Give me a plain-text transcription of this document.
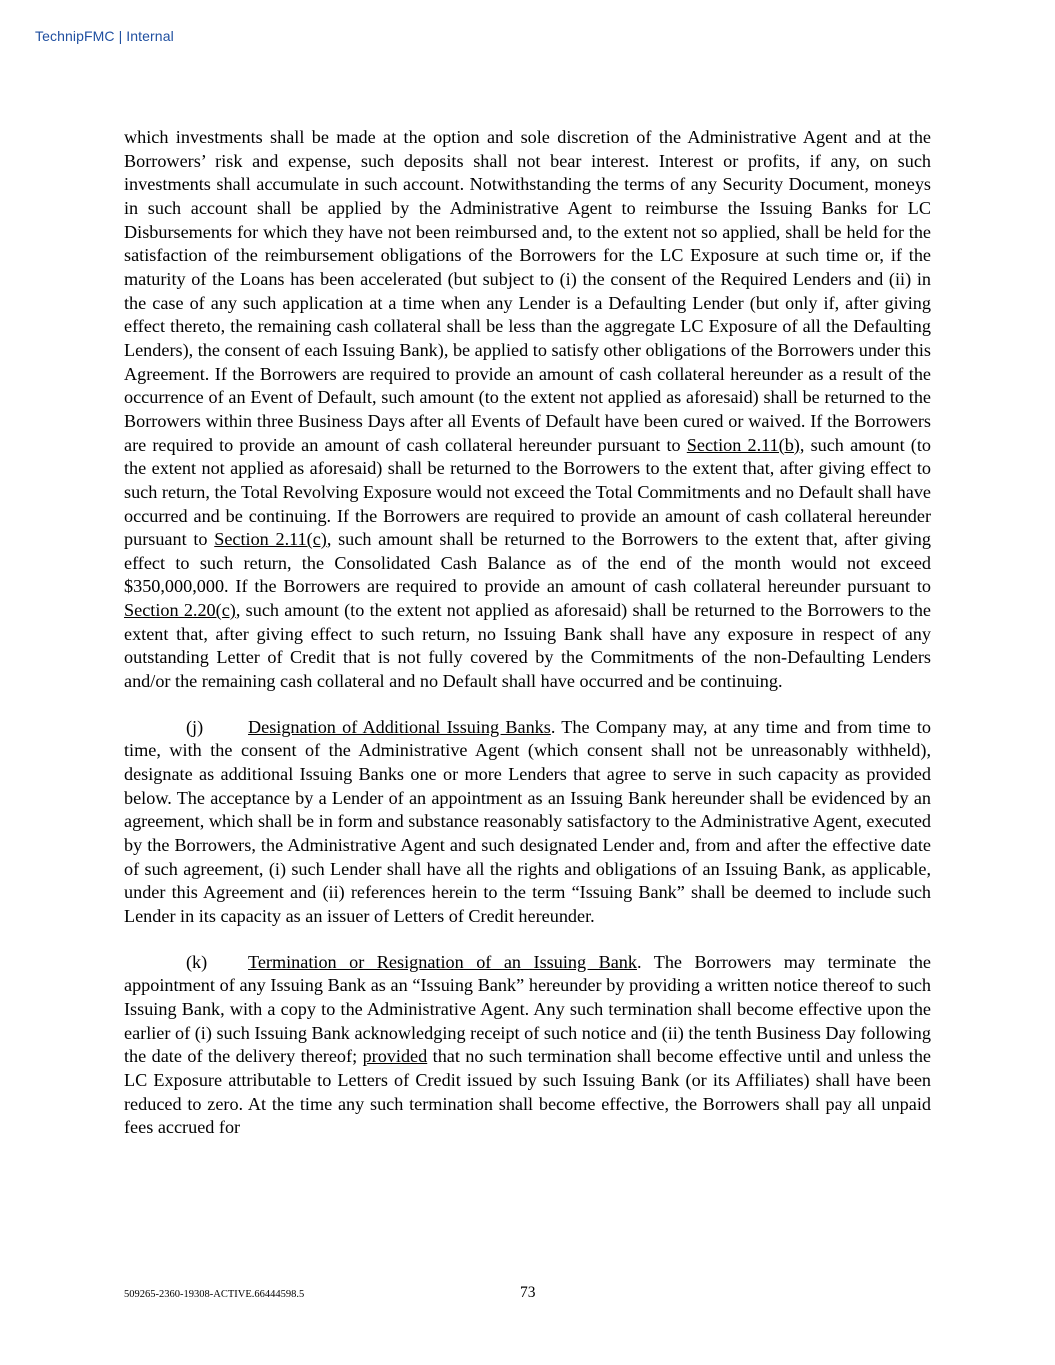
TechnipFMC | Internal

which investments shall be made at the option and sole discretion of the Administrative Agent and at the Borrowers’ risk and expense, such deposits shall not bear interest. Interest or profits, if any, on such investments shall accumulate in such account. Notwithstanding the terms of any Security Document, moneys in such account shall be applied by the Administrative Agent to reimburse the Issuing Banks for LC Disbursements for which they have not been reimbursed and, to the extent not so applied, shall be held for the satisfaction of the reimbursement obligations of the Borrowers for the LC Exposure at such time or, if the maturity of the Loans has been accelerated (but subject to (i) the consent of the Required Lenders and (ii) in the case of any such application at a time when any Lender is a Defaulting Lender (but only if, after giving effect thereto, the remaining cash collateral shall be less than the aggregate LC Exposure of all the Defaulting Lenders), the consent of each Issuing Bank), be applied to satisfy other obligations of the Borrowers under this Agreement. If the Borrowers are required to provide an amount of cash collateral hereunder as a result of the occurrence of an Event of Default, such amount (to the extent not applied as aforesaid) shall be returned to the Borrowers within three Business Days after all Events of Default have been cured or waived. If the Borrowers are required to provide an amount of cash collateral hereunder pursuant to Section 2.11(b), such amount (to the extent not applied as aforesaid) shall be returned to the Borrowers to the extent that, after giving effect to such return, the Total Revolving Exposure would not exceed the Total Commitments and no Default shall have occurred and be continuing. If the Borrowers are required to provide an amount of cash collateral hereunder pursuant to Section 2.11(c), such amount shall be returned to the Borrowers to the extent that, after giving effect to such return, the Consolidated Cash Balance as of the end of the month would not exceed $350,000,000. If the Borrowers are required to provide an amount of cash collateral hereunder pursuant to Section 2.20(c), such amount (to the extent not applied as aforesaid) shall be returned to the Borrowers to the extent that, after giving effect to such return, no Issuing Bank shall have any exposure in respect of any outstanding Letter of Credit that is not fully covered by the Commitments of the non-Defaulting Lenders and/or the remaining cash collateral and no Default shall have occurred and be continuing.

(j) Designation of Additional Issuing Banks. The Company may, at any time and from time to time, with the consent of the Administrative Agent (which consent shall not be unreasonably withheld), designate as additional Issuing Banks one or more Lenders that agree to serve in such capacity as provided below. The acceptance by a Lender of an appointment as an Issuing Bank hereunder shall be evidenced by an agreement, which shall be in form and substance reasonably satisfactory to the Administrative Agent, executed by the Borrowers, the Administrative Agent and such designated Lender and, from and after the effective date of such agreement, (i) such Lender shall have all the rights and obligations of an Issuing Bank, as applicable, under this Agreement and (ii) references herein to the term “Issuing Bank” shall be deemed to include such Lender in its capacity as an issuer of Letters of Credit hereunder.

(k) Termination or Resignation of an Issuing Bank. The Borrowers may terminate the appointment of any Issuing Bank as an “Issuing Bank” hereunder by providing a written notice thereof to such Issuing Bank, with a copy to the Administrative Agent. Any such termination shall become effective upon the earlier of (i) such Issuing Bank acknowledging receipt of such notice and (ii) the tenth Business Day following the date of the delivery thereof; provided that no such termination shall become effective until and unless the LC Exposure attributable to Letters of Credit issued by such Issuing Bank (or its Affiliates) shall have been reduced to zero. At the time any such termination shall become effective, the Borrowers shall pay all unpaid fees accrued for

509265-2360-19308-ACTIVE.66444598.5	73
